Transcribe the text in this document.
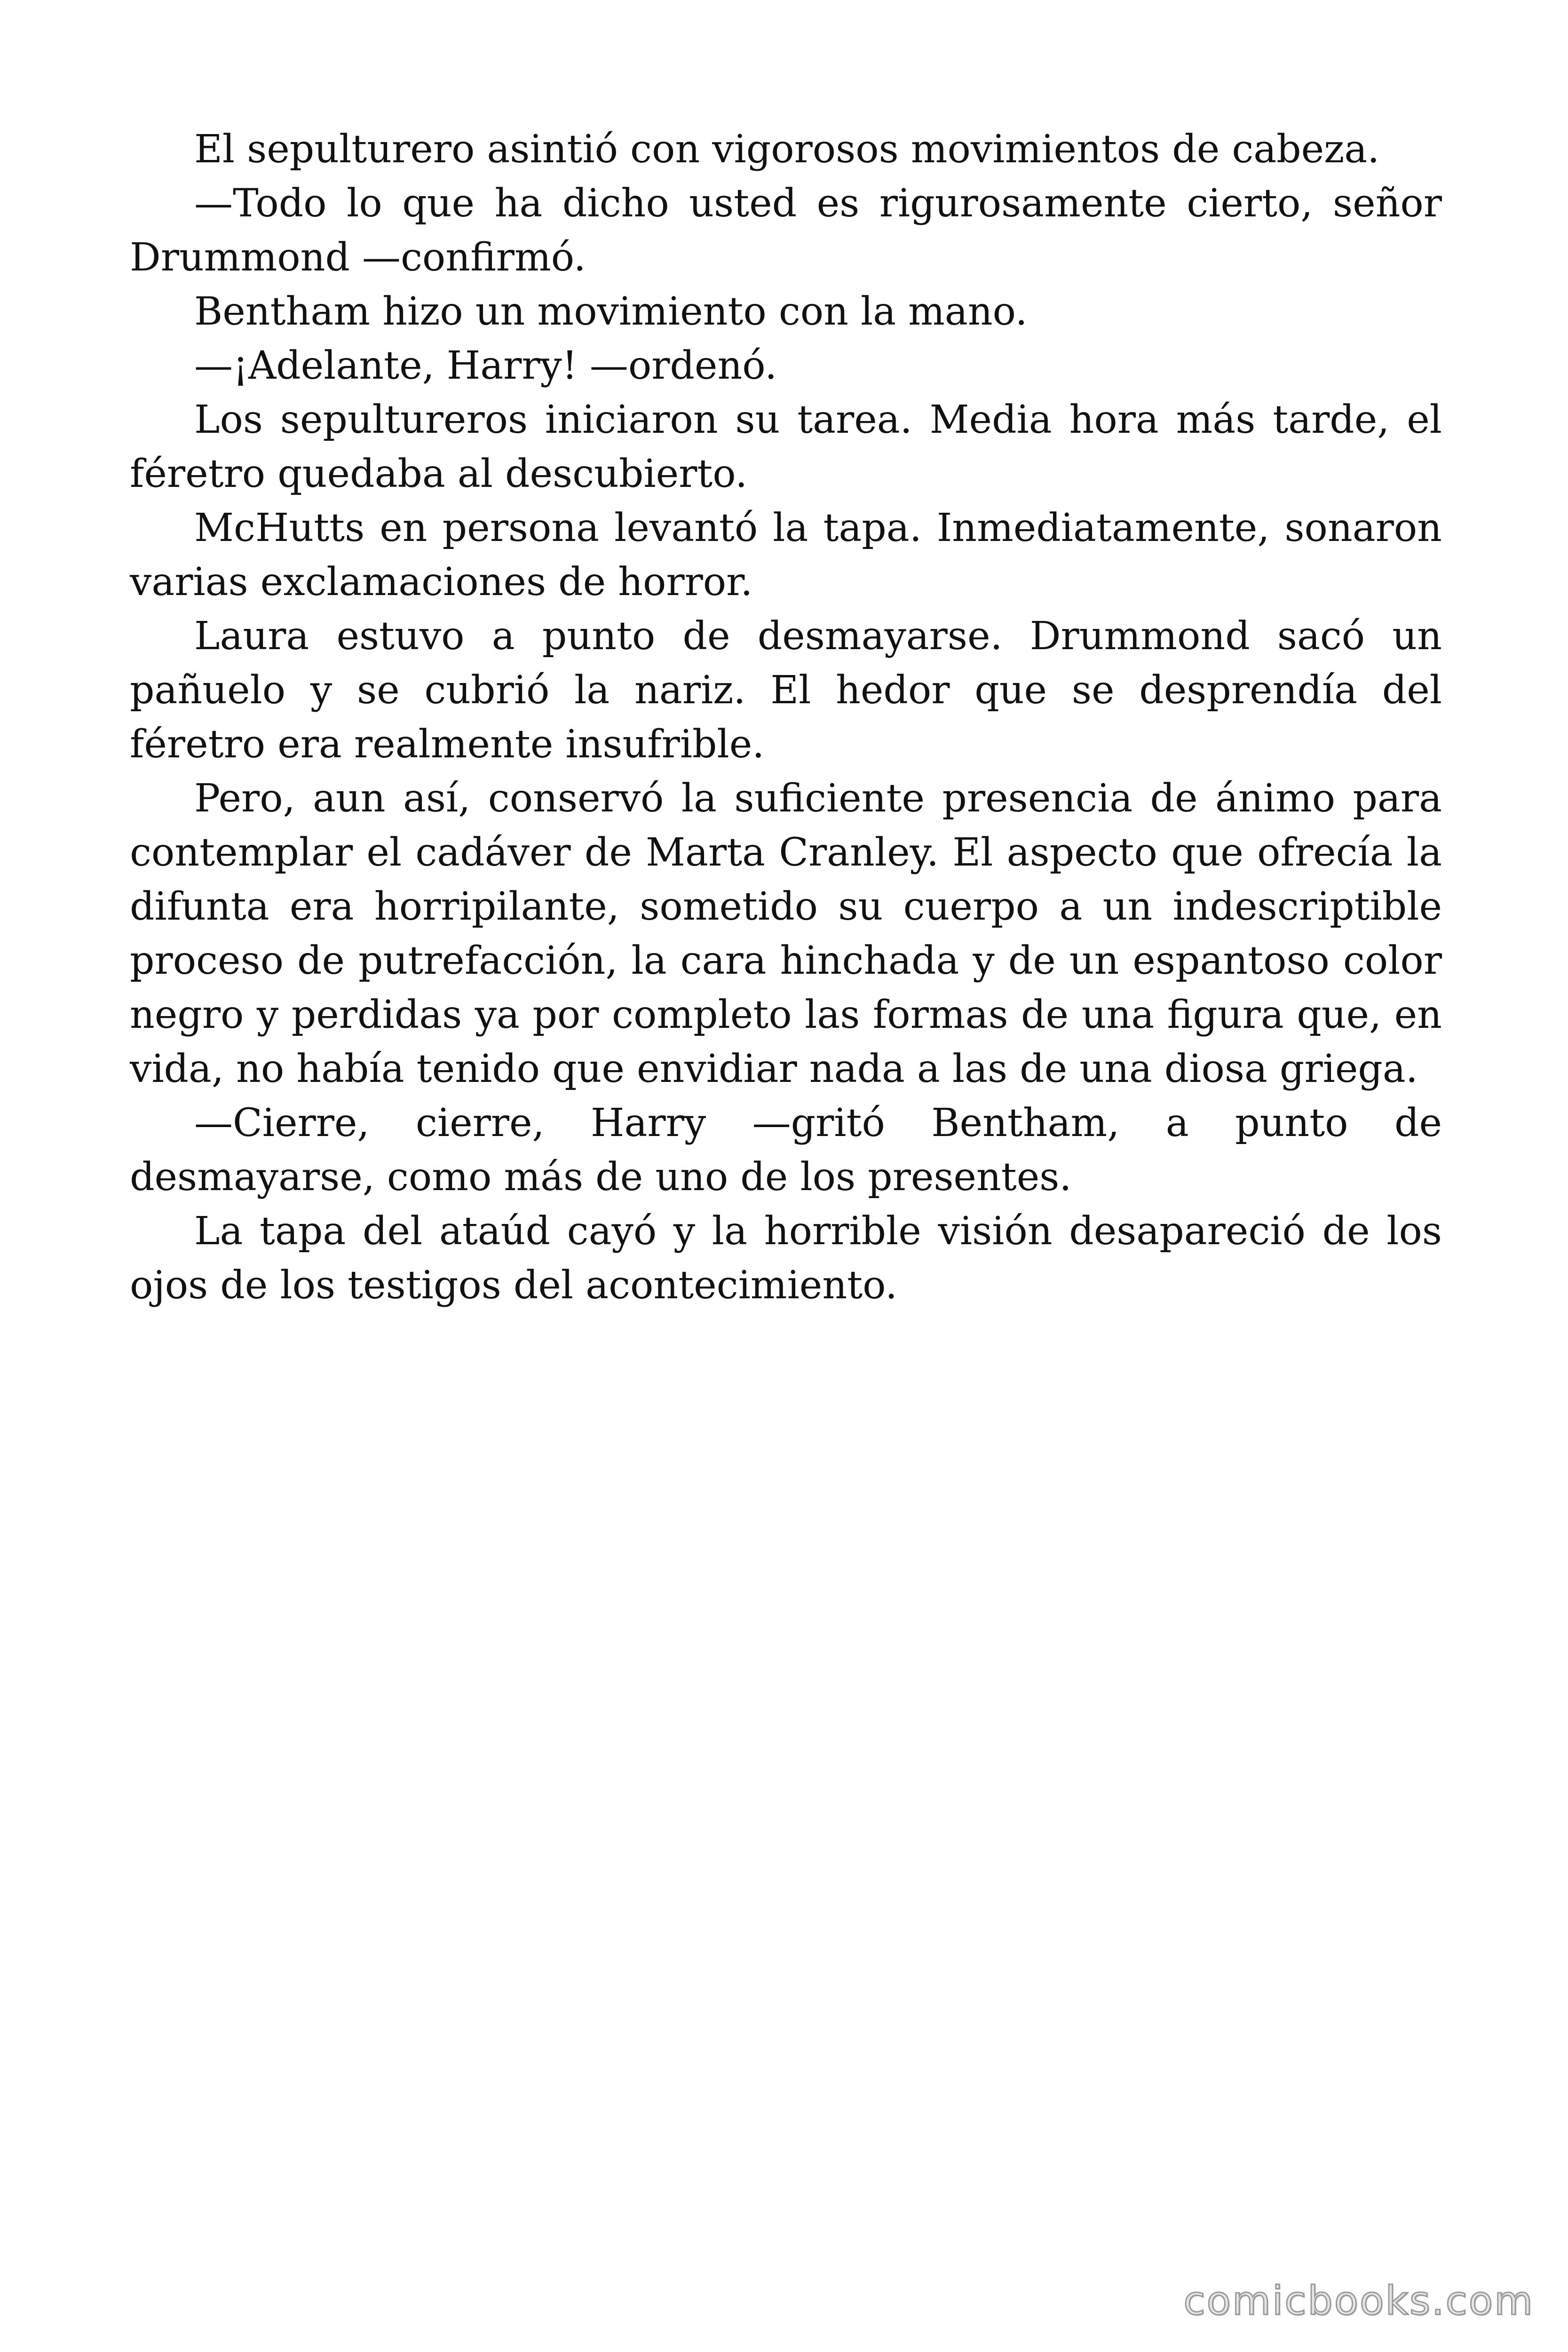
El sepulturero asintió con vigorosos movimientos de cabeza.

—Todo lo que ha dicho usted es rigurosamente cierto, señor Drummond —confirmó.

Bentham hizo un movimiento con la mano.

—¡Adelante, Harry! —ordenó.

Los sepultureros iniciaron su tarea. Media hora más tarde, el féretro quedaba al descubierto.

McHutts en persona levantó la tapa. Inmediatamente, sonaron varias exclamaciones de horror.

Laura estuvo a punto de desmayarse. Drummond sacó un pañuelo y se cubrió la nariz. El hedor que se desprendía del féretro era realmente insufrible.

Pero, aun así, conservó la suficiente presencia de ánimo para contemplar el cadáver de Marta Cranley. El aspecto que ofrecía la difunta era horripilante, sometido su cuerpo a un indescriptible proceso de putrefacción, la cara hinchada y de un espantoso color negro y perdidas ya por completo las formas de una figura que, en vida, no había tenido que envidiar nada a las de una diosa griega.

—Cierre, cierre, Harry —gritó Bentham, a punto de desmayarse, como más de uno de los presentes.

La tapa del ataúd cayó y la horrible visión desapareció de los ojos de los testigos del acontecimiento.

comicbooks.com
